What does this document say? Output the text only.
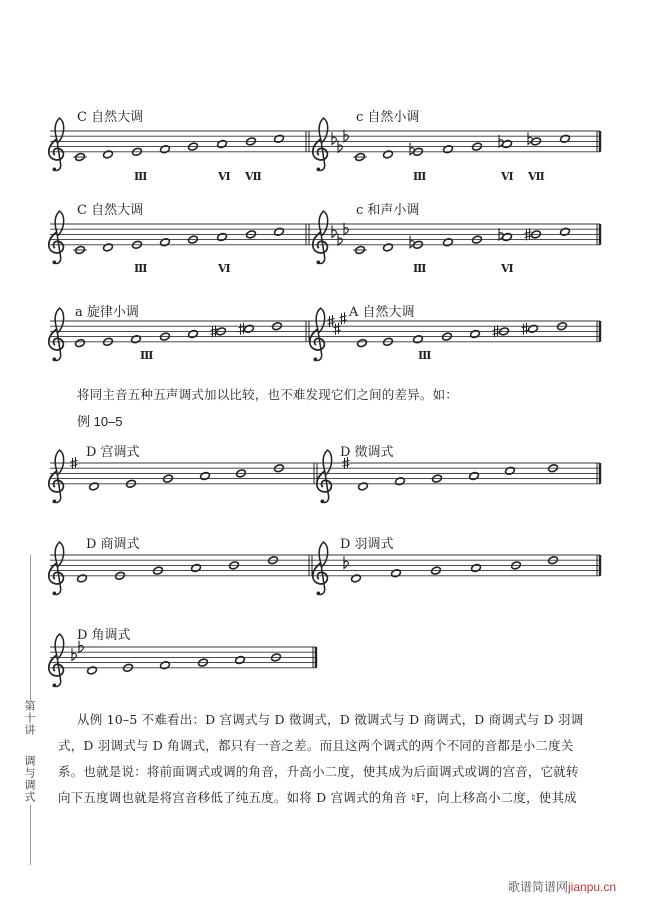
C 自然大调	c 自然小调
Ⅲ	Ⅵ Ⅶ	Ⅲ	Ⅵ Ⅶ
C 自然大调	c 和声小调
Ⅲ	Ⅵ	Ⅲ	Ⅵ
a 旋律小调	A 自然大调
Ⅲ	Ⅲ
将同主音五种五声调式加以比较，也不难发现它们之间的差异。如：
例 10–5
D 宫调式	D 徵调式
D 商调式	D 羽调式
D 角调式
第十讲
调与调式
从例 10–5 不难看出：D 宫调式与 D 徵调式，D 徵调式与 D 商调式，D 商调式与 D 羽调
式，D 羽调式与 D 角调式，都只有一音之差。而且这两个调式的两个不同的音都是小二度关
系。也就是说：将前面调式或调的角音，升高小二度，使其成为后面调式或调的宫音，它就转
向下五度调也就是将宫音移低了纯五度。如将 D 宫调式的角音 ♮F，向上移高小二度，使其成
歌谱简谱网jianpu.cn
